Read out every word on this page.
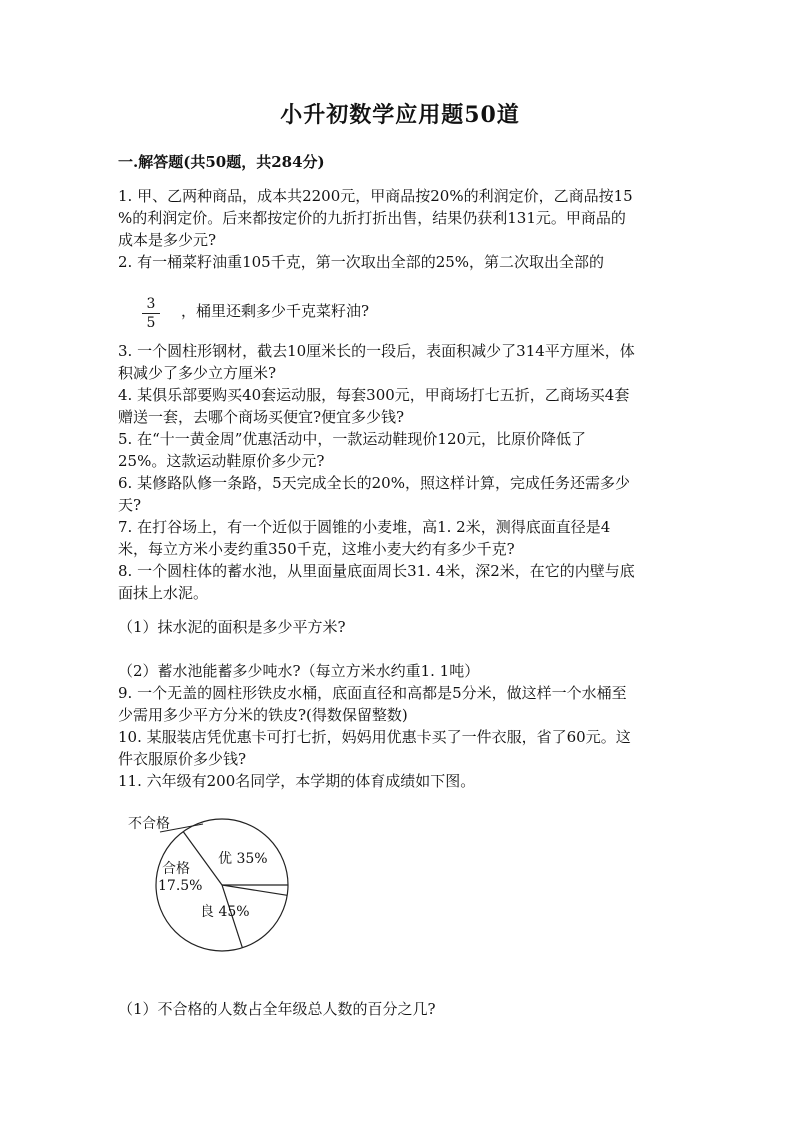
小升初数学应用题50道
一.解答题(共50题，共284分)
1. 甲、乙两种商品，成本共2200元，甲商品按20%的利润定价，乙商品按15
%的利润定价。后来都按定价的九折打折出售，结果仍获利131元。甲商品的
成本是多少元?
2. 有一桶菜籽油重105千克，第一次取出全部的25%，第二次取出全部的
3
5
，桶里还剩多少千克菜籽油?
3. 一个圆柱形钢材，截去10厘米长的一段后，表面积减少了314平方厘米，体
积减少了多少立方厘米?
4. 某俱乐部要购买40套运动服，每套300元，甲商场打七五折，乙商场买4套
赠送一套，去哪个商场买便宜?便宜多少钱?
5. 在“十一黄金周”优惠活动中，一款运动鞋现价120元，比原价降低了
25%。这款运动鞋原价多少元?
6. 某修路队修一条路，5天完成全长的20%，照这样计算，完成任务还需多少
天?
7. 在打谷场上，有一个近似于圆锥的小麦堆，高1. 2米，测得底面直径是4
米，每立方米小麦约重350千克，这堆小麦大约有多少千克?
8. 一个圆柱体的蓄水池，从里面量底面周长31. 4米，深2米，在它的内壁与底
面抹上水泥。
（1）抹水泥的面积是多少平方米?
（2）蓄水池能蓄多少吨水?（每立方米水约重1. 1吨）
9. 一个无盖的圆柱形铁皮水桶，底面直径和高都是5分米，做这样一个水桶至
少需用多少平方分米的铁皮?(得数保留整数)
10. 某服装店凭优惠卡可打七折，妈妈用优惠卡买了一件衣服，省了60元。这
件衣服原价多少钱?
11. 六年级有200名同学，本学期的体育成绩如下图。
不合格
合格
17.5%
优 35%
良 45%
（1）不合格的人数占全年级总人数的百分之几?
